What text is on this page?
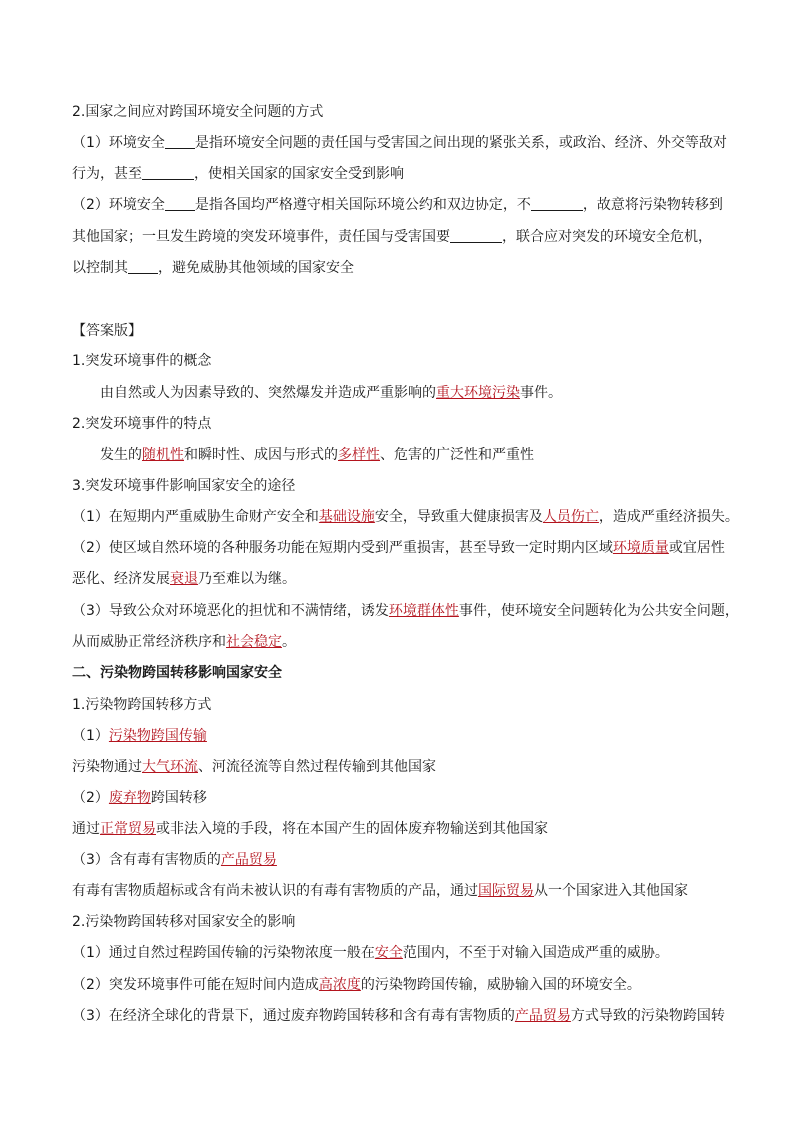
2.国家之间应对跨国环境安全问题的方式
（1）环境安全 是指环境安全问题的责任国与受害国之间出现的紧张关系，或政治、经济、外交等敌对
行为，甚至	，使相关国家的国家安全受到影响
（2）环境安全 是指各国均严格遵守相关国际环境公约和双边协定，不	，故意将污染物转移到
其他国家；一旦发生跨境的突发环境事件，责任国与受害国要	，联合应对突发的环境安全危机，
以控制其 ，避免威胁其他领域的国家安全
【答案版】
1.突发环境事件的概念
由自然或人为因素导致的、突然爆发并造成严重影响的重大环境污染事件。
2.突发环境事件的特点
发生的随机性和瞬时性、成因与形式的多样性、危害的广泛性和严重性
3.突发环境事件影响国家安全的途径
（1）在短期内严重威胁生命财产安全和基础设施安全，导致重大健康损害及人员伤亡，造成严重经济损失。
（2）使区域自然环境的各种服务功能在短期内受到严重损害，甚至导致一定时期内区域环境质量或宜居性
恶化、经济发展衰退乃至难以为继。
（3）导致公众对环境恶化的担忧和不满情绪，诱发环境群体性事件，使环境安全问题转化为公共安全问题，
从而威胁正常经济秩序和社会稳定。
二、污染物跨国转移影响国家安全
1.污染物跨国转移方式
（1）污染物跨国传输
污染物通过大气环流、河流径流等自然过程传输到其他国家
（2）废弃物跨国转移
通过正常贸易或非法入境的手段，将在本国产生的固体废弃物输送到其他国家
（3）含有毒有害物质的产品贸易
有毒有害物质超标或含有尚未被认识的有毒有害物质的产品，通过国际贸易从一个国家进入其他国家
2.污染物跨国转移对国家安全的影响
（1）通过自然过程跨国传输的污染物浓度一般在安全范围内，不至于对输入国造成严重的威胁。
（2）突发环境事件可能在短时间内造成高浓度的污染物跨国传输，威胁输入国的环境安全。
（3）在经济全球化的背景下，通过废弃物跨国转移和含有毒有害物质的产品贸易方式导致的污染物跨国转
